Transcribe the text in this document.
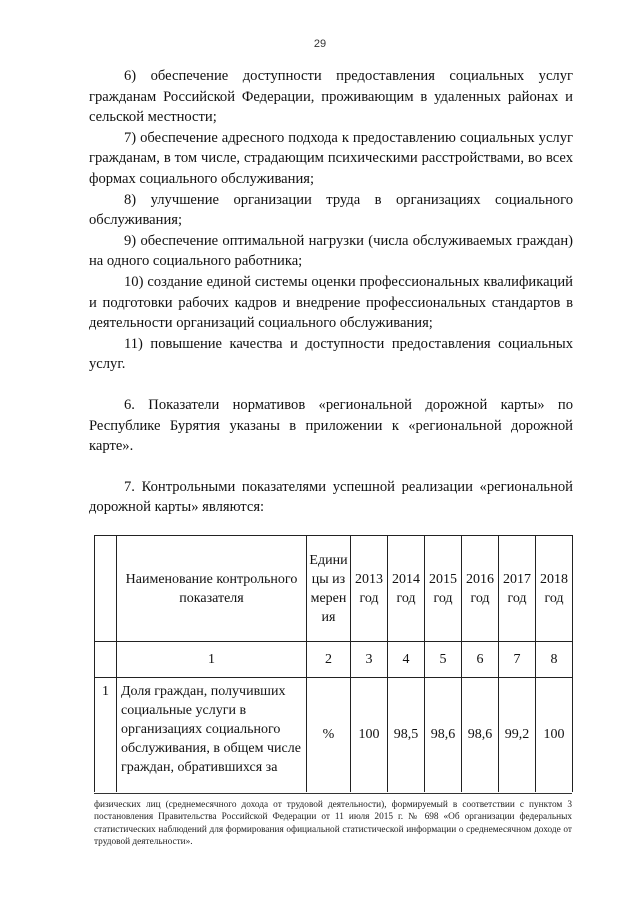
29

6) обеспечение доступности предоставления социальных услуг гражданам Российской Федерации, проживающим в удаленных районах и сельской местности;

7) обеспечение адресного подхода к предоставлению социальных услуг гражданам, в том числе, страдающим психическими расстройствами, во всех формах социального обслуживания;

8) улучшение организации труда в организациях социального обслуживания;

9) обеспечение оптимальной нагрузки (числа обслуживаемых граждан) на одного социального работника;

10) создание единой системы оценки профессиональных квалификаций и подготовки рабочих кадров и внедрение профессиональных стандартов в деятельности организаций социального обслуживания;

11) повышение качества и доступности предоставления социальных услуг.

6. Показатели нормативов «региональной дорожной карты» по Республике Бурятия указаны в приложении к «региональной дорожной карте».

7. Контрольными показателями успешной реализации «региональной дорожной карты» являются:

	Наименование контрольного показателя	Единицы измерения	2013 год	2014 год	2015 год	2016 год	2017 год	2018 год
	1	2	3	4	5	6	7	8
1	Доля граждан, получивших социальные услуги в организациях социального обслуживания, в общем числе граждан, обратившихся за	%	100	98,5	98,6	98,6	99,2	100
физических лиц (среднемесячного дохода от трудовой деятельности), формируемый в соответствии с пунктом 3 постановления Правительства Российской Федерации от 11 июля 2015 г. № 698 «Об организации федеральных статистических наблюдений для формирования официальной статистической информации о среднемесячном доходе от трудовой деятельности».
